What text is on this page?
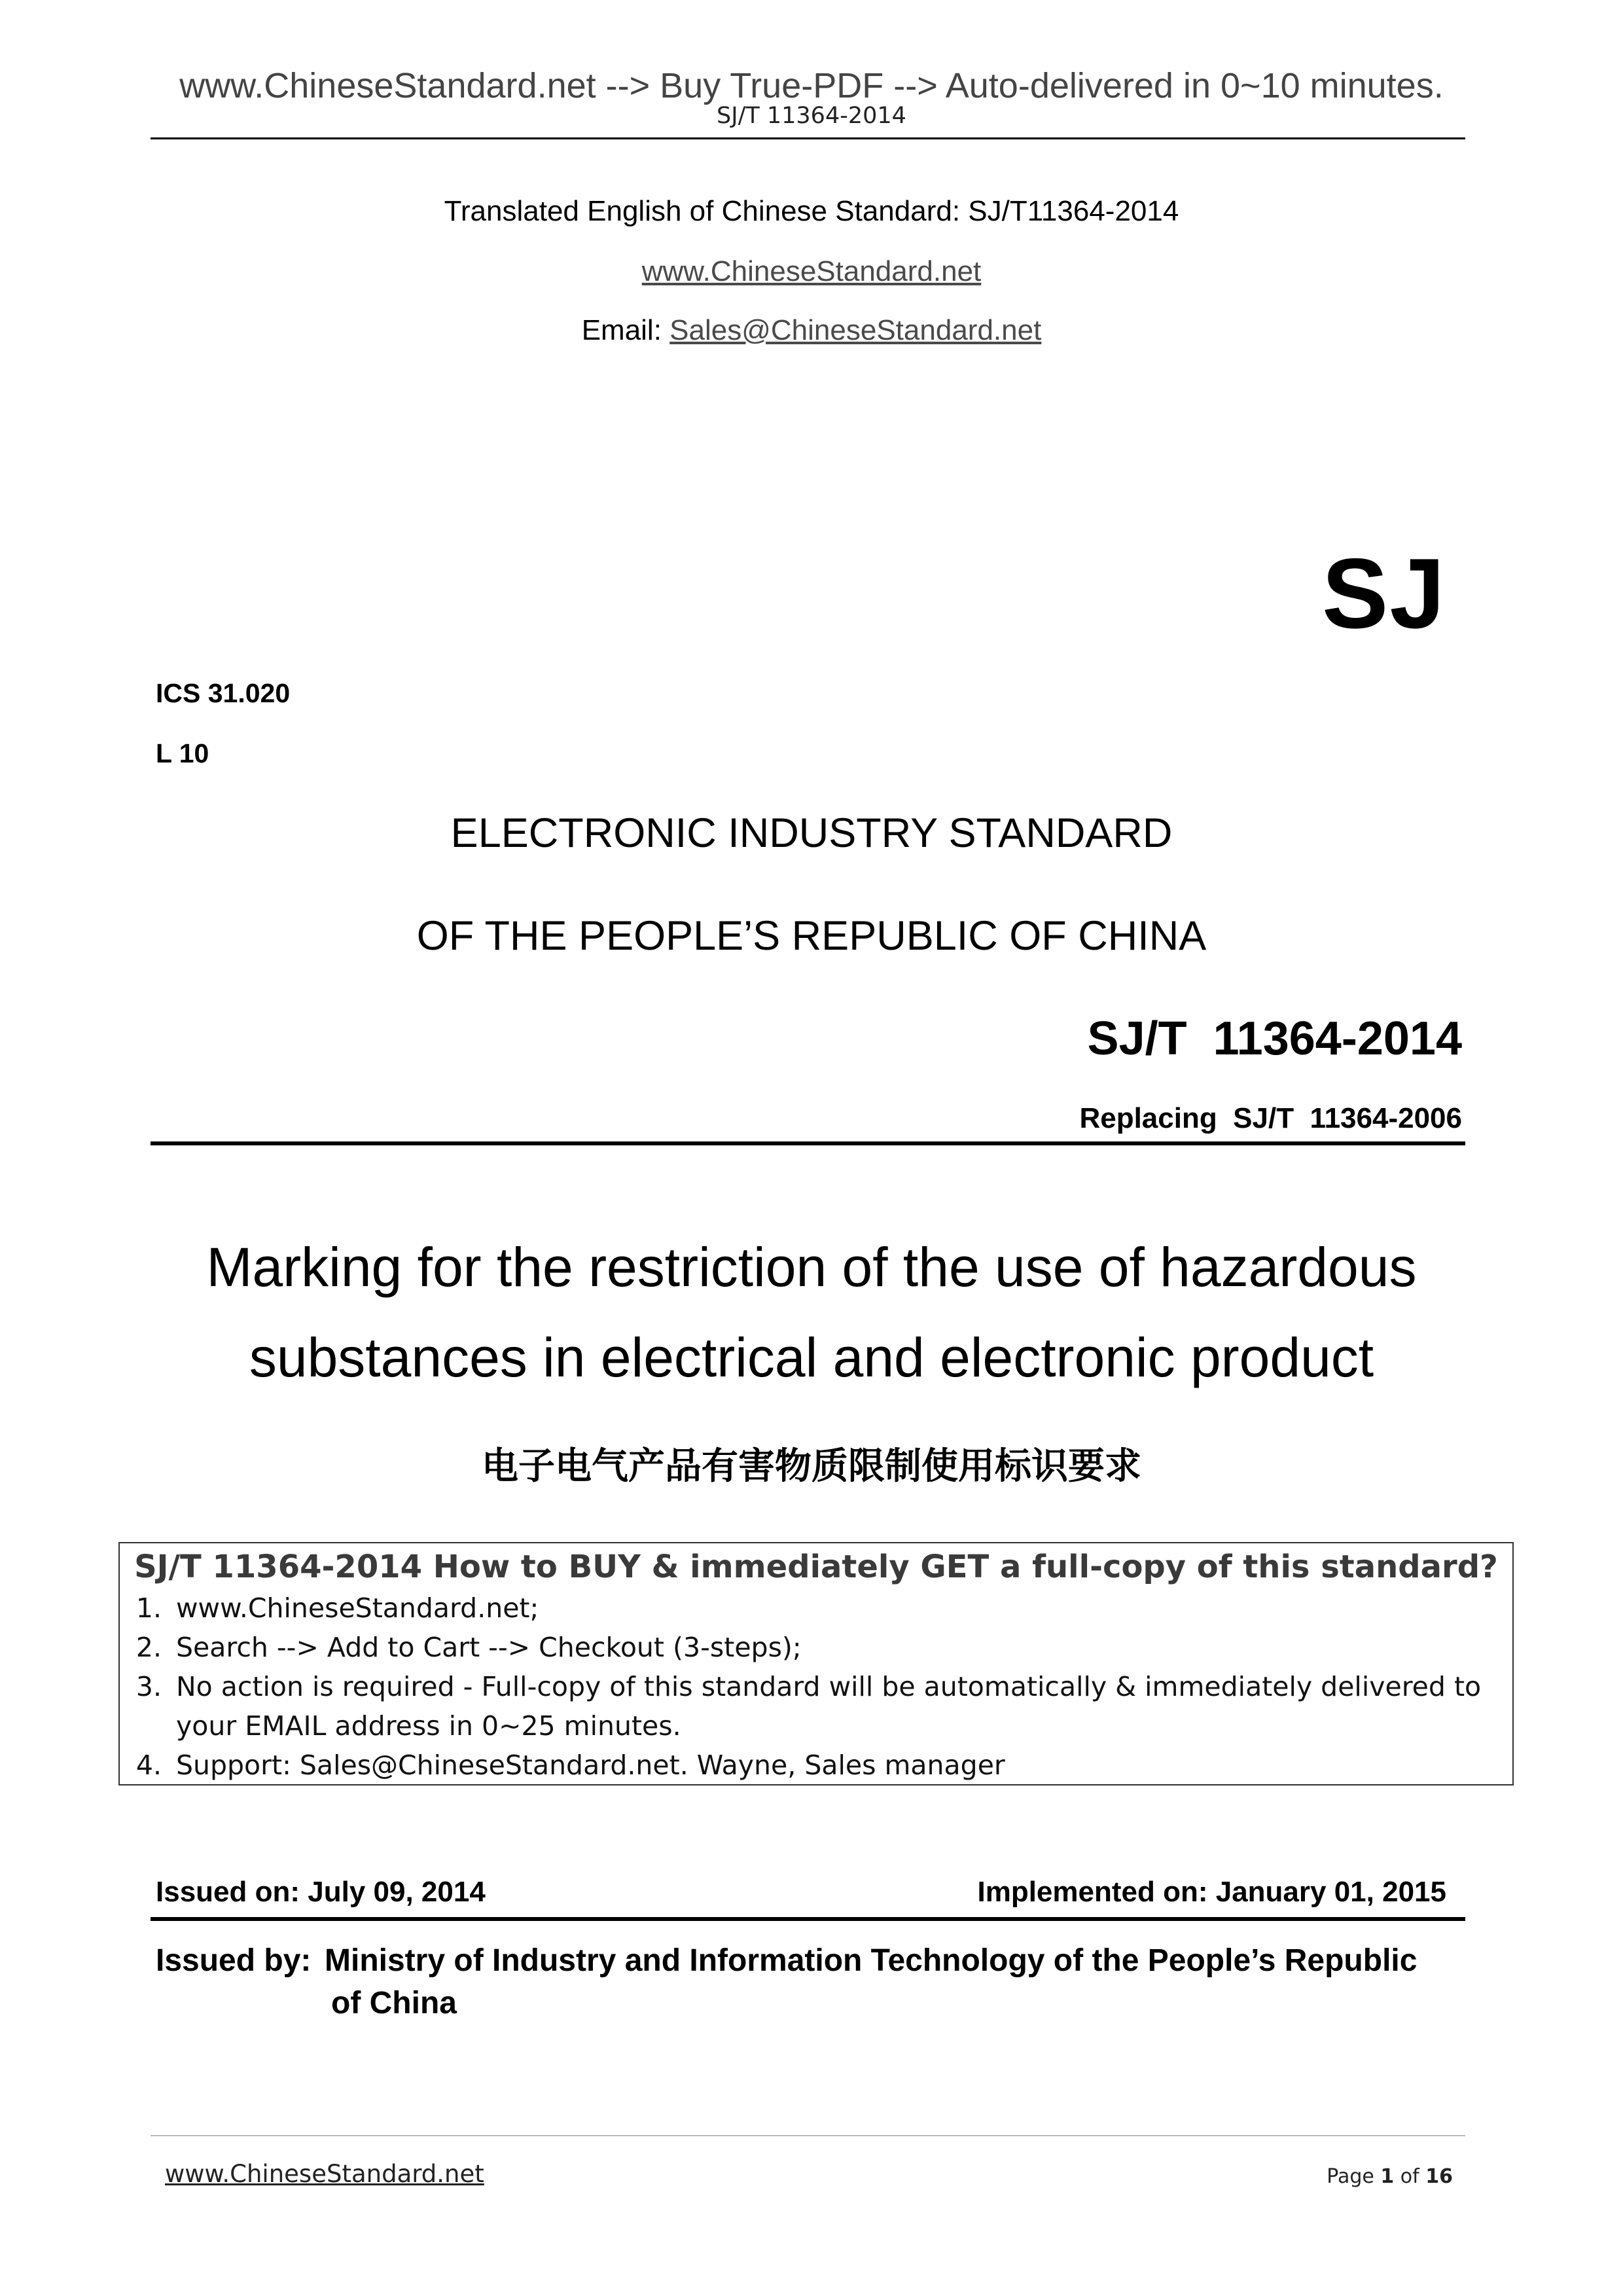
www.ChineseStandard.net --> Buy True-PDF --> Auto-delivered in 0~10 minutes.
SJ/T 11364-2014
Translated English of Chinese Standard: SJ/T11364-2014
www.ChineseStandard.net
Email: Sales@ChineseStandard.net
SJ
ICS 31.020
L 10
ELECTRONIC INDUSTRY STANDARD
OF THE PEOPLE’S REPUBLIC OF CHINA
SJ/T  11364-2014
Replacing  SJ/T  11364-2006
Marking for the restriction of the use of hazardous
substances in electrical and electronic product
电子电气产品有害物质限制使用标识要求
SJ/T 11364-2014 How to BUY & immediately GET a full-copy of this standard?
1. www.ChineseStandard.net;
2. Search --> Add to Cart --> Checkout (3-steps);
3. No action is required - Full-copy of this standard will be automatically & immediately delivered to
your EMAIL address in 0~25 minutes.
4. Support: Sales@ChineseStandard.net. Wayne, Sales manager
Issued on: July 09, 2014	Implemented on: January 01, 2015
Issued by: Ministry of Industry and Information Technology of the People’s Republic
of China
www.ChineseStandard.net	Page 1 of 16
